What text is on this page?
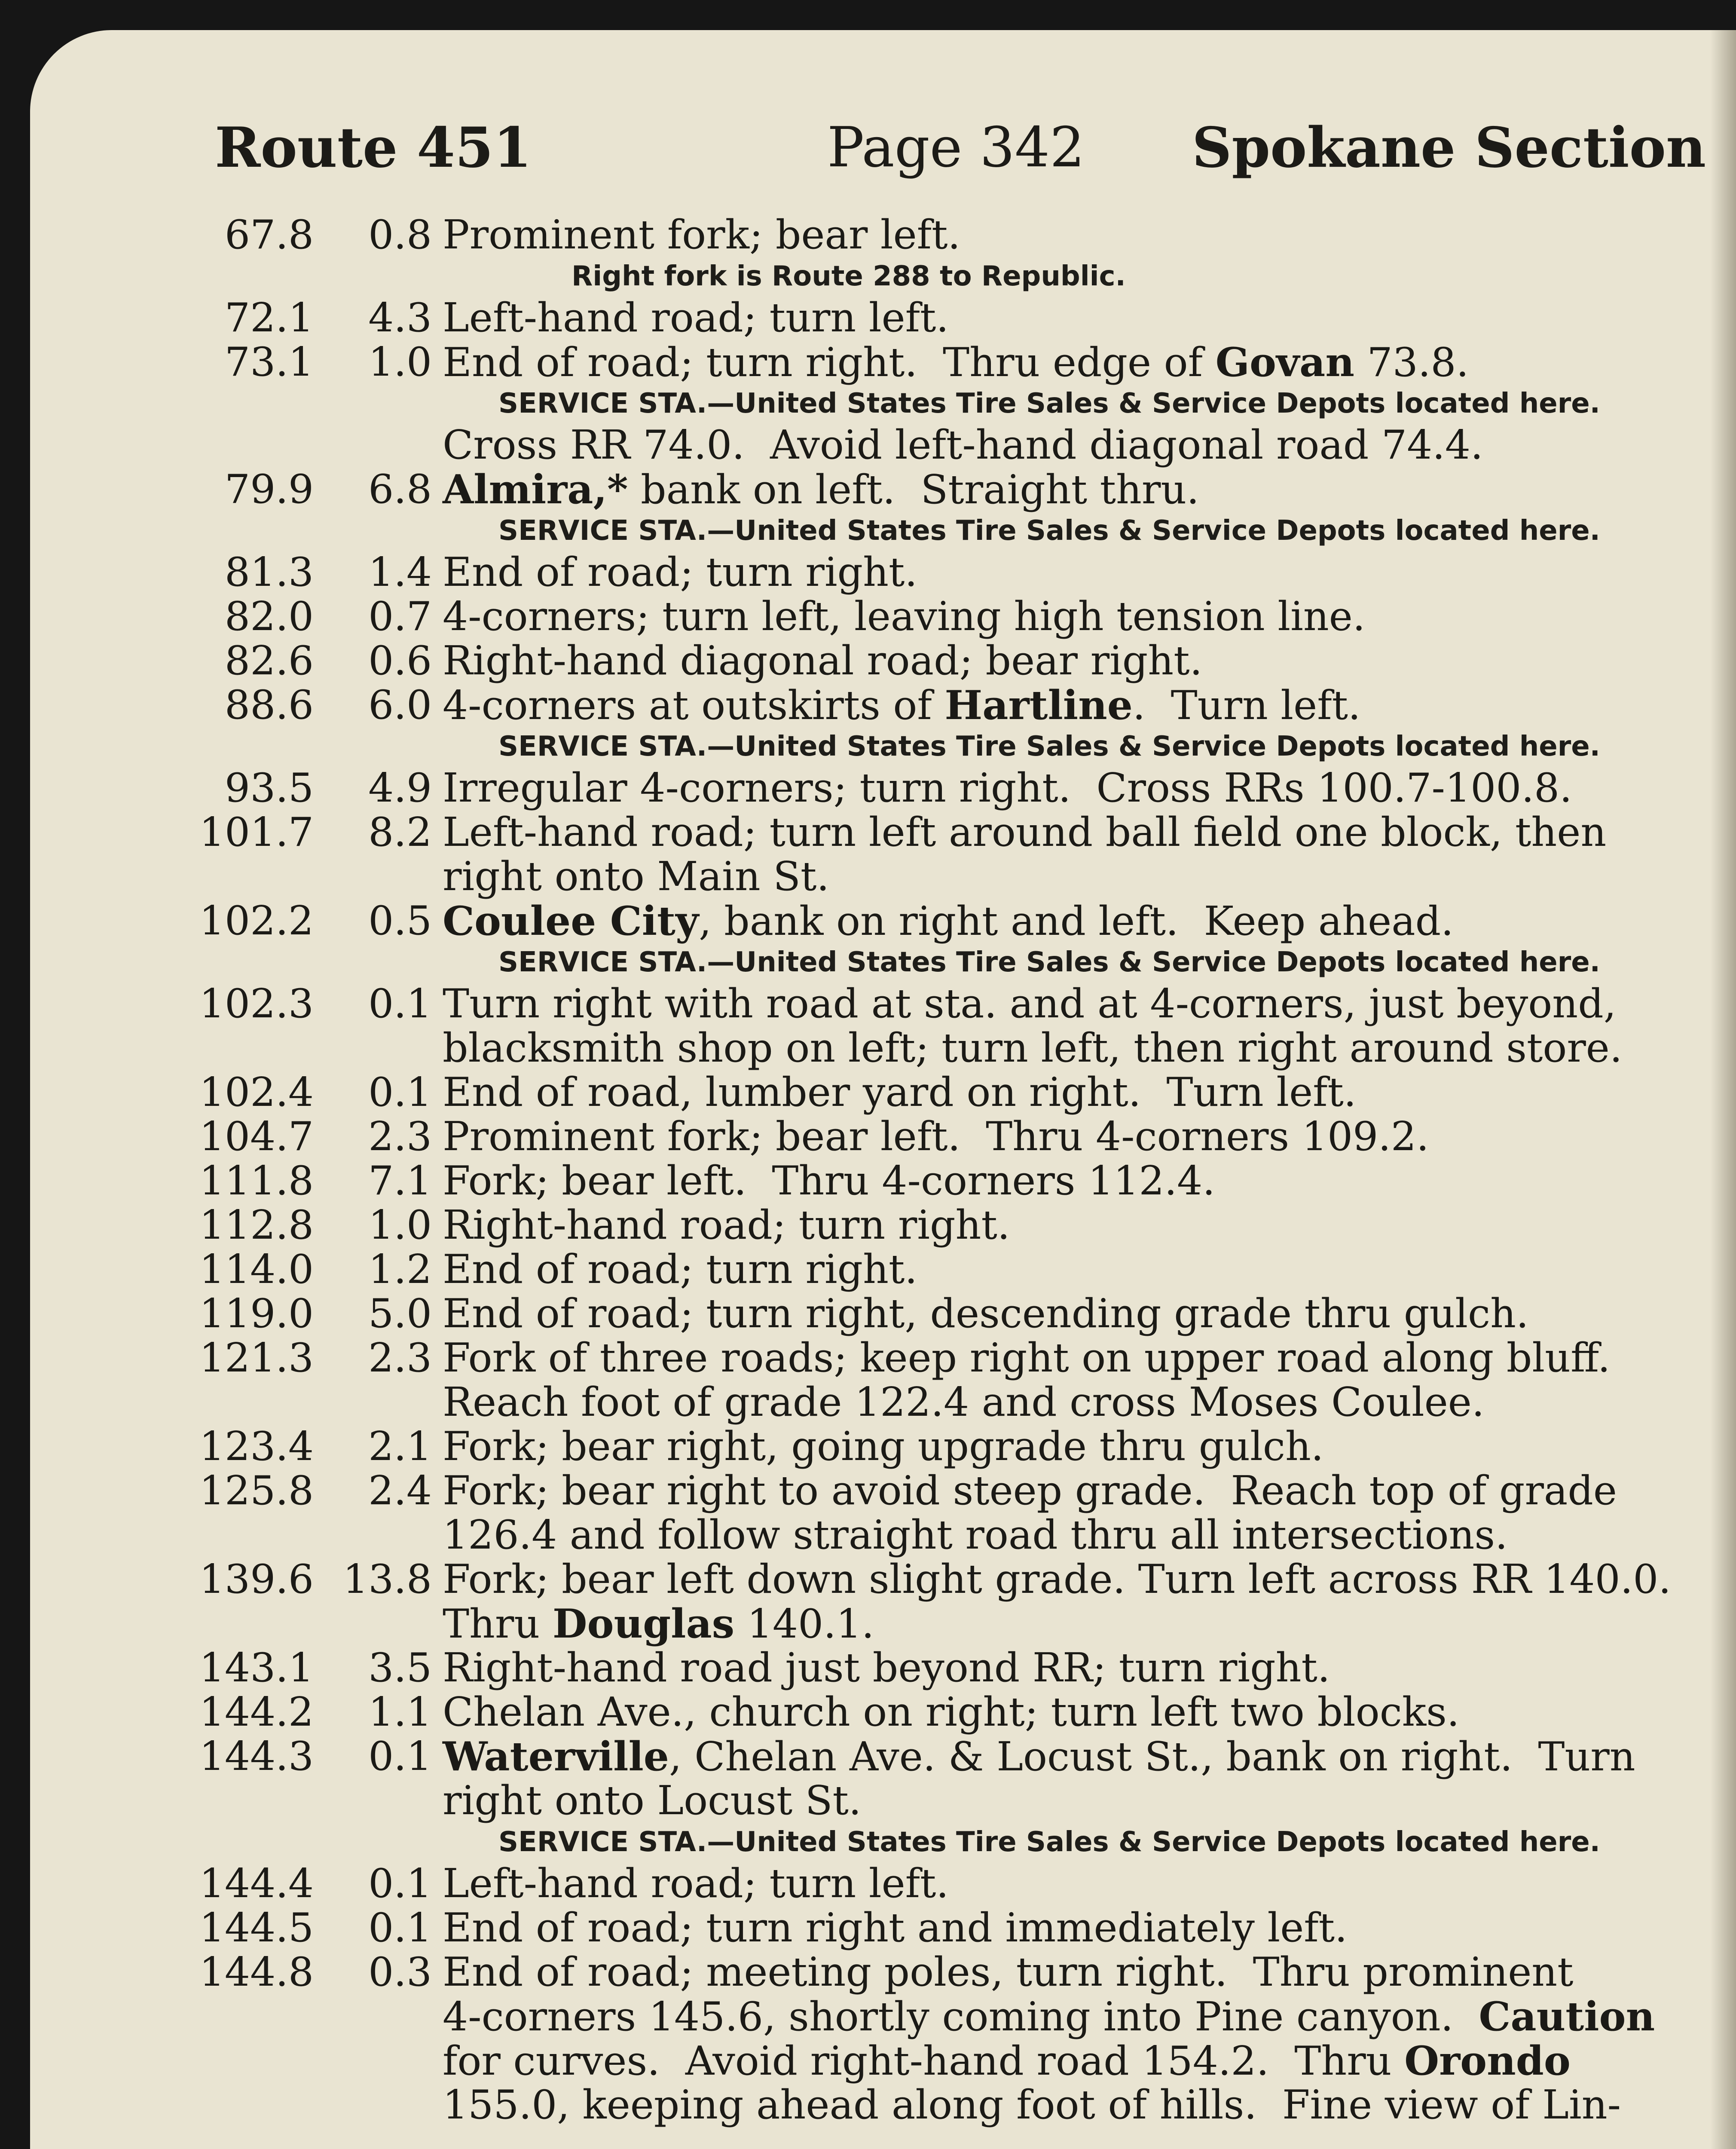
Route 451	Page 342 Spokane Section
67.8	0.8 Prominent fork; bear left.
Right fork is Route 288 to Republic.
72.1	4.3 Left-hand road; turn left.
73.1	1.0 End of road; turn right.  Thru edge of Govan 73.8.
SERVICE STA.—United States Tire Sales & Service Depots located here.
Cross RR 74.0.  Avoid left-hand diagonal road 74.4.
79.9	6.8 Almira,* bank on left.  Straight thru.
SERVICE STA.—United States Tire Sales & Service Depots located here.
81.3	1.4 End of road; turn right.
82.0	0.7 4-corners; turn left, leaving high tension line.
82.6	0.6 Right-hand diagonal road; bear right.
88.6	6.0 4-corners at outskirts of Hartline.  Turn left.
SERVICE STA.—United States Tire Sales & Service Depots located here.
93.5	4.9 Irregular 4-corners; turn right.  Cross RRs 100.7-100.8.
101.7	8.2 Left-hand road; turn left around ball field one block, then
right onto Main St.
102.2	0.5 Coulee City, bank on right and left.  Keep ahead.
SERVICE STA.—United States Tire Sales & Service Depots located here.
102.3	0.1 Turn right with road at sta. and at 4-corners, just beyond,
blacksmith shop on left; turn left, then right around store.
102.4	0.1 End of road, lumber yard on right.  Turn left.
104.7	2.3 Prominent fork; bear left.  Thru 4-corners 109.2.
111.8	7.1 Fork; bear left.  Thru 4-corners 112.4.
112.8	1.0 Right-hand road; turn right.
114.0	1.2 End of road; turn right.
119.0	5.0 End of road; turn right, descending grade thru gulch.
121.3	2.3 Fork of three roads; keep right on upper road along bluff.
Reach foot of grade 122.4 and cross Moses Coulee.
123.4	2.1 Fork; bear right, going upgrade thru gulch.
125.8	2.4 Fork; bear right to avoid steep grade.  Reach top of grade
126.4 and follow straight road thru all intersections.
139.6 13.8 Fork; bear left down slight grade. Turn left across RR 140.0.
Thru Douglas 140.1.
143.1	3.5 Right-hand road just beyond RR; turn right.
144.2	1.1 Chelan Ave., church on right; turn left two blocks.
144.3	0.1 Waterville, Chelan Ave. & Locust St., bank on right.  Turn
right onto Locust St.
SERVICE STA.—United States Tire Sales & Service Depots located here.
144.4	0.1 Left-hand road; turn left.
144.5	0.1 End of road; turn right and immediately left.
144.8	0.3 End of road; meeting poles, turn right.  Thru prominent
4-corners 145.6, shortly coming into Pine canyon.  Caution
for curves.  Avoid right-hand road 154.2.  Thru Orondo
155.0, keeping ahead along foot of hills.  Fine view of Lin-
